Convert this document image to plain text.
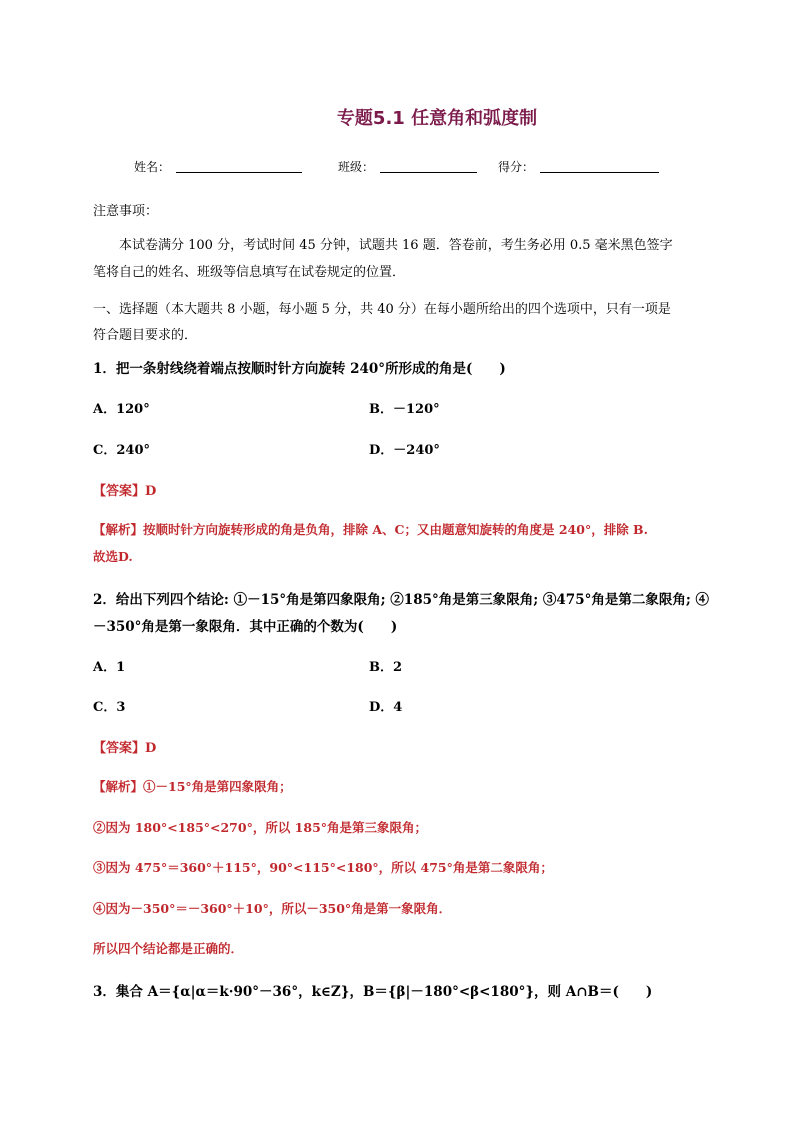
专题5.1 任意角和弧度制
姓名：	班级：	得分：
注意事项：
本试卷满分 100 分，考试时间 45 分钟，试题共 16 题．答卷前，考生务必用 0.5 毫米黑色签字
笔将自己的姓名、班级等信息填写在试卷规定的位置．
一、选择题（本大题共 8 小题，每小题 5 分，共 40 分）在每小题所给出的四个选项中，只有一项是
符合题目要求的．
1．把一条射线绕着端点按顺时针方向旋转 240°所形成的角是(　　)
A．120°	B．－120°
C．240°	D．－240°
【答案】D
【解析】按顺时针方向旋转形成的角是负角，排除 A、C；又由题意知旋转的角度是 240°，排除 B.
故选D.
2．给出下列四个结论: ①－15°角是第四象限角; ②185°角是第三象限角; ③475°角是第二象限角; ④
－350°角是第一象限角．其中正确的个数为(　　)
A．1	B．2
C．3	D．4
【答案】D
【解析】①－15°角是第四象限角；
②因为 180°<185°<270°，所以 185°角是第三象限角；
③因为 475°＝360°＋115°，90°<115°<180°，所以 475°角是第二象限角；
④因为－350°＝－360°＋10°，所以－350°角是第一象限角．
所以四个结论都是正确的．
3．集合 A＝{α|α＝k·90°－36°，k∈Z}，B＝{β|－180°<β<180°}，则 A∩B＝(　　)
